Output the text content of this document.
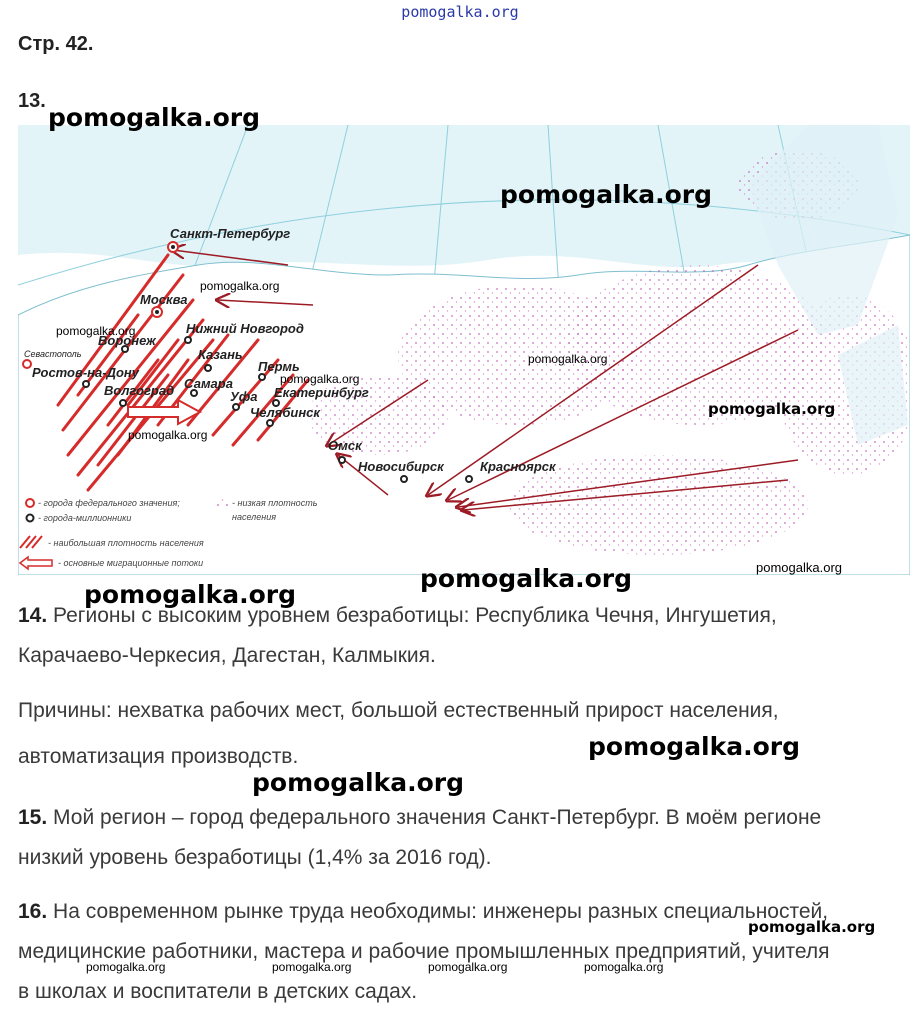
pomogalka.org
Стр. 42.
13.
Санкт-Петербург
Москва
Нижний Новгород
Воронеж
Казань
Севастополь
Ростов-на-Дону	Пермь
Самара
Волгоград	Уфа Екатеринбург
Челябинск
Омск
Новосибирск	Красноярск
- города федерального значения;
- города-миллионники
- низкая плотность
населения
- наибольшая плотность населения
- основные миграционные потоки
pomogalka.org
pomogalka.org
pomogalka.org
pomogalka.org
pomogalka.org
pomogalka.org
pomogalka.org
pomogalka.org
pomogalka.org	pomogalka.org
pomogalka.org
14. Регионы с высоким уровнем безработицы: Республика Чечня, Ингушетия,
Карачаево-Черкесия, Дагестан, Калмыкия.
Причины: нехватка рабочих мест, большой естественный прирост населения,
автоматизация производств.	pomogalka.org
pomogalka.org
15. Мой регион – город федерального значения Санкт-Петербург. В моём регионе
низкий уровень безработицы (1,4% за 2016 год).
16. На современном рынке труда необходимы: инженеры разных специальностей,
медицинские работники, мастера и рабочие промышленных предприятий, учителя
в школах и воспитатели в детских садах.
pomogalka.org
pomogalka.org	pomogalka.org	pomogalka.org	pomogalka.org
